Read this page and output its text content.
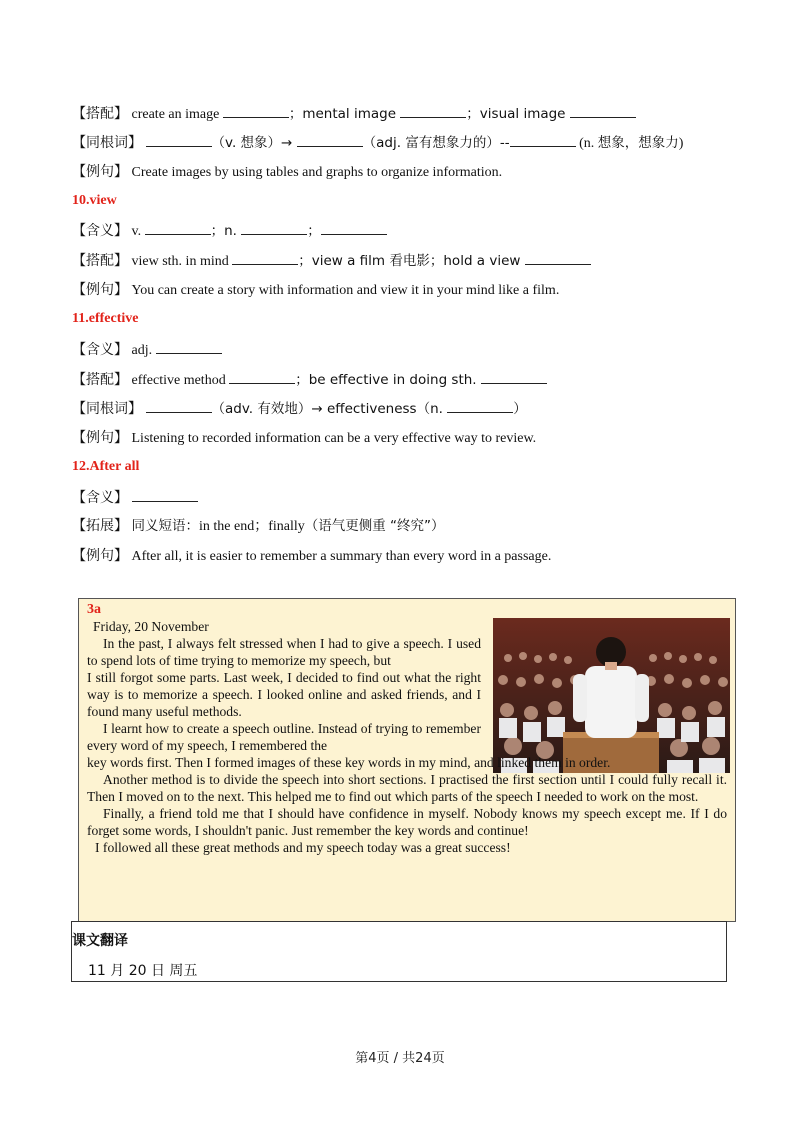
【搭配】 create an image	；mental image	；visual image
【同根词】	（v. 想象）→	（adj. 富有想象力的）--	(n. 想象，想象力)
【例句】 Create images by using tables and graphs to organize information.
10.view
【含义】 v.	；n.	；
【搭配】 view sth. in mind	；view a film 看电影；hold a view
【例句】 You can create a story with information and view it in your mind like a film.
11.effective
【含义】 adj.
【搭配】 effective method	；be effective in doing sth.
【同根词】	（adv. 有效地）→ effectiveness（n.	）
【例句】 Listening to recorded information can be a very effective way to review.
12.After all
【含义】
【拓展】 同义短语：in the end；finally（语气更侧重 “终究”）
【例句】 After all, it is easier to remember a summary than every word in a passage.
3a
Friday, 20 November
In the past, I always felt stressed when I had to give a speech. I used to spend lots of time trying to memorize my speech, but
I still forgot some parts. Last week, I decided to find out what the right way is to memorize a speech. I looked online and asked friends, and I found many useful methods.
I learnt how to create a speech outline. Instead of trying to remember every word of my speech, I remembered the
key words first. Then I formed images of these key words in my mind, and linked them in order.
Another method is to divide the speech into short sections. I practised the first section until I could fully recall it. Then I moved on to the next. This helped me to find out which parts of the speech I needed to work on the most.
Finally, a friend told me that I should have confidence in myself. Nobody knows my speech except me. If I do forget some words, I shouldn't panic. Just remember the key words and continue!
I followed all these great methods and my speech today was a great success!
课文翻译
11 月 20 日 周五
第4页 / 共24页
